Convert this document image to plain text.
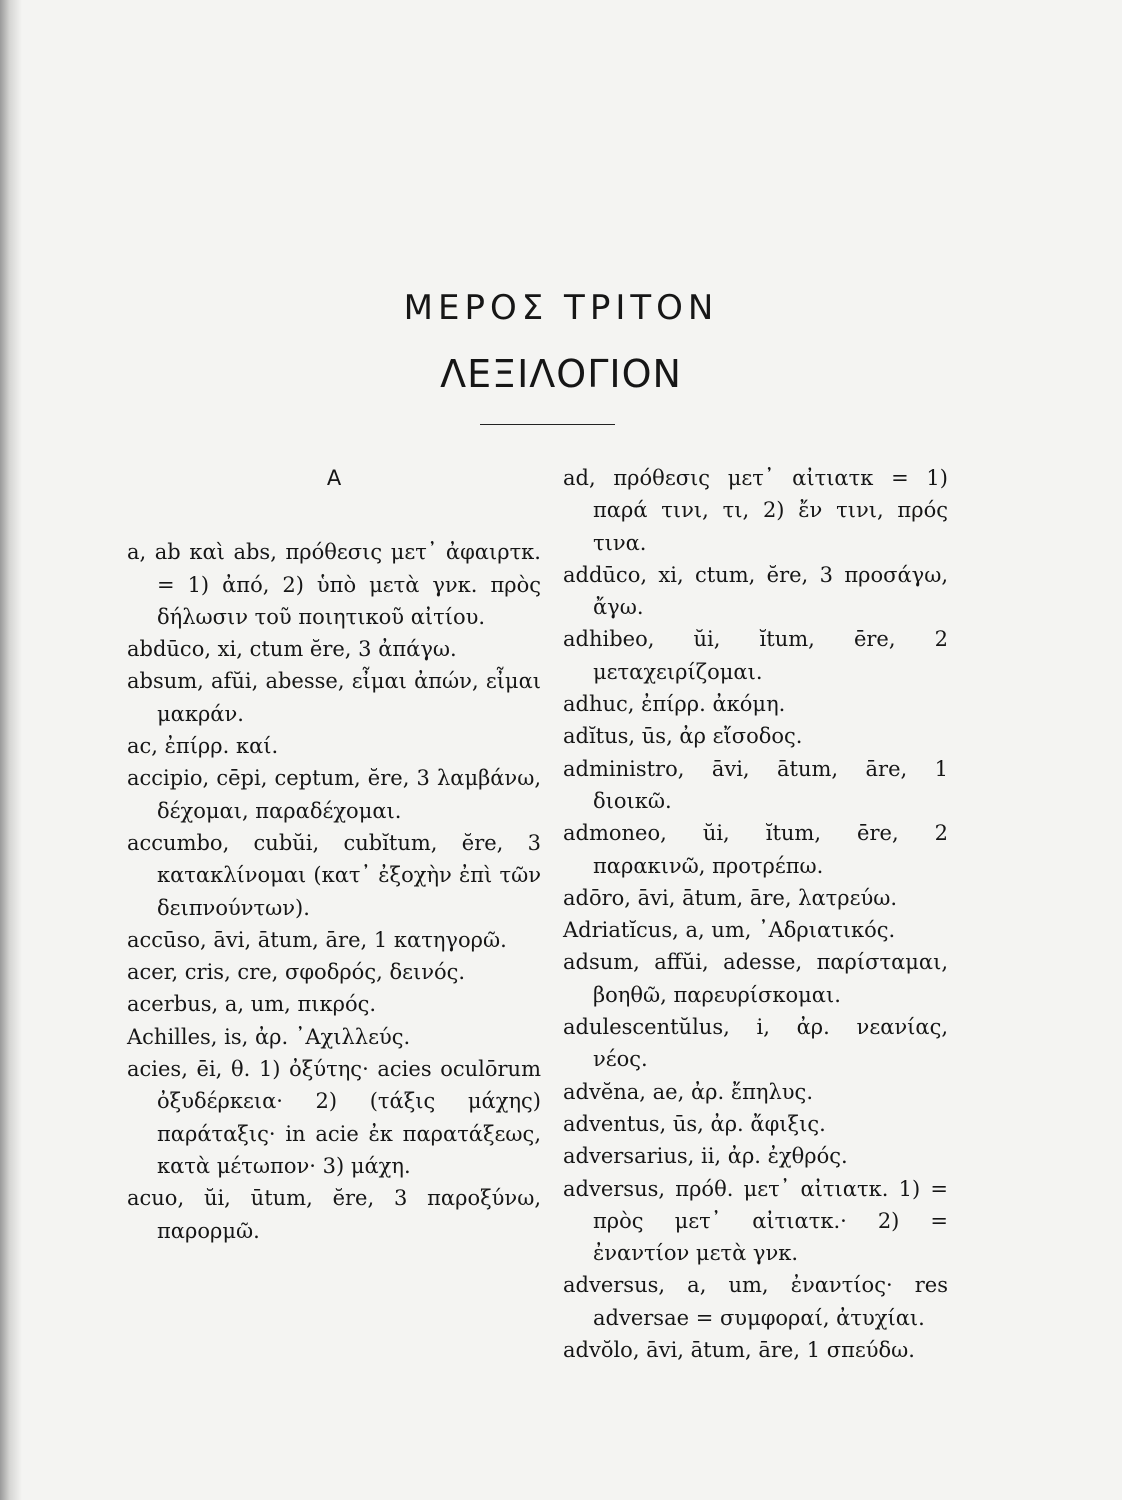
ΜΕΡΟΣ ΤΡΙΤΟΝ
ΛΕΞΙΛΟΓΙΟΝ
A

a, ab καὶ abs, πρόθεσις μετ᾿ ἀφαιρτκ. = 1) ἀπό, 2) ὑπὸ μετὰ γνκ. πρὸς δήλωσιν τοῦ ποιητικοῦ αἰτίου.

abdūco, xi, ctum ĕre, 3 ἀπάγω.

absum, afŭi, abesse, εἶμαι ἀπών, εἶμαι μακράν.

ac, ἐπίρρ. καί.

accipio, cēpi, ceptum, ĕre, 3 λαμβάνω, δέχομαι, παραδέχομαι.

accumbo, cubŭi, cubĭtum, ĕre, 3 κατακλίνομαι (κατ᾿ ἐξοχὴν ἐπὶ τῶν δειπνούντων).

accūso, āvi, ātum, āre, 1 κατηγορῶ.

acer, cris, cre, σφοδρός, δεινός.

acerbus, a, um, πικρός.

Achilles, is, ἀρ. ᾿Αχιλλεύς.

acies, ēi, θ. 1) ὀξύτης· acies oculōrum ὀξυδέρκεια· 2) (τάξις μάχης) παράταξις· in acie ἐκ παρατάξεως, κατὰ μέτωπον· 3) μάχη.

acuo, ŭi, ūtum, ĕre, 3 παροξύνω, παρορμῶ.

ad, πρόθεσις μετ᾿ αἰτιατκ = 1) παρά τινι, τι, 2) ἔν τινι, πρός τινα.

addūco, xi, ctum, ĕre, 3 προσάγω, ἄγω.

adhibeo, ŭi, ĭtum, ēre, 2 μεταχειρίζομαι.

adhuc, ἐπίρρ. ἀκόμη.

adĭtus, ūs, ἀρ εἴσοδος.

administro, āvi, ātum, āre, 1 διοικῶ.

admoneo, ŭi, ĭtum, ēre, 2 παρακινῶ, προτρέπω.

adōro, āvi, ātum, āre, λατρεύω.

Adriatĭcus, a, um, ᾿Αδριατικός.

adsum, affŭi, adesse, παρίσταμαι, βοηθῶ, παρευρίσκομαι.

adulescentŭlus, i, ἀρ. νεανίας, νέος.

advĕna, ae, ἀρ. ἔπηλυς.

adventus, ūs, ἀρ. ἄφιξις.

adversarius, ii, ἀρ. ἐχθρός.

adversus, πρόθ. μετ᾿ αἰτιατκ. 1) = πρὸς μετ᾿ αἰτιατκ.· 2) = ἐναντίον μετὰ γνκ.

adversus, a, um, ἐναντίος· res adversae = συμφοραί, ἀτυχίαι.

advŏlo, āvi, ātum, āre, 1 σπεύδω.
